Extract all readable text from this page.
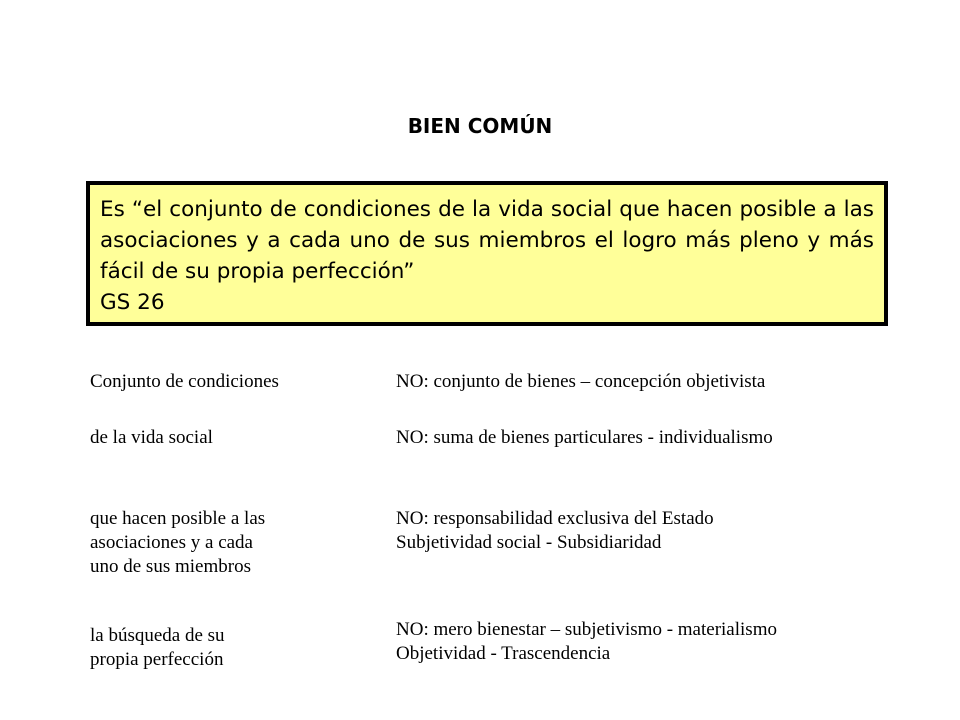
BIEN COMÚN

Es “el conjunto de condiciones de la vida social que hacen posible a las asociaciones y a cada uno de sus miembros el logro más pleno y más fácil de su propia perfección”
GS 26

Conjunto de condiciones	NO: conjunto de bienes – concepción objetivista
de la vida social	NO: suma de bienes particulares - individualismo
que hacen posible a las
asociaciones y a cada
uno de sus miembros
NO: responsabilidad exclusiva del Estado
Subjetividad social - Subsidiaridad
la búsqueda de su
propia perfección
NO: mero bienestar – subjetivismo - materialismo
Objetividad - Trascendencia
